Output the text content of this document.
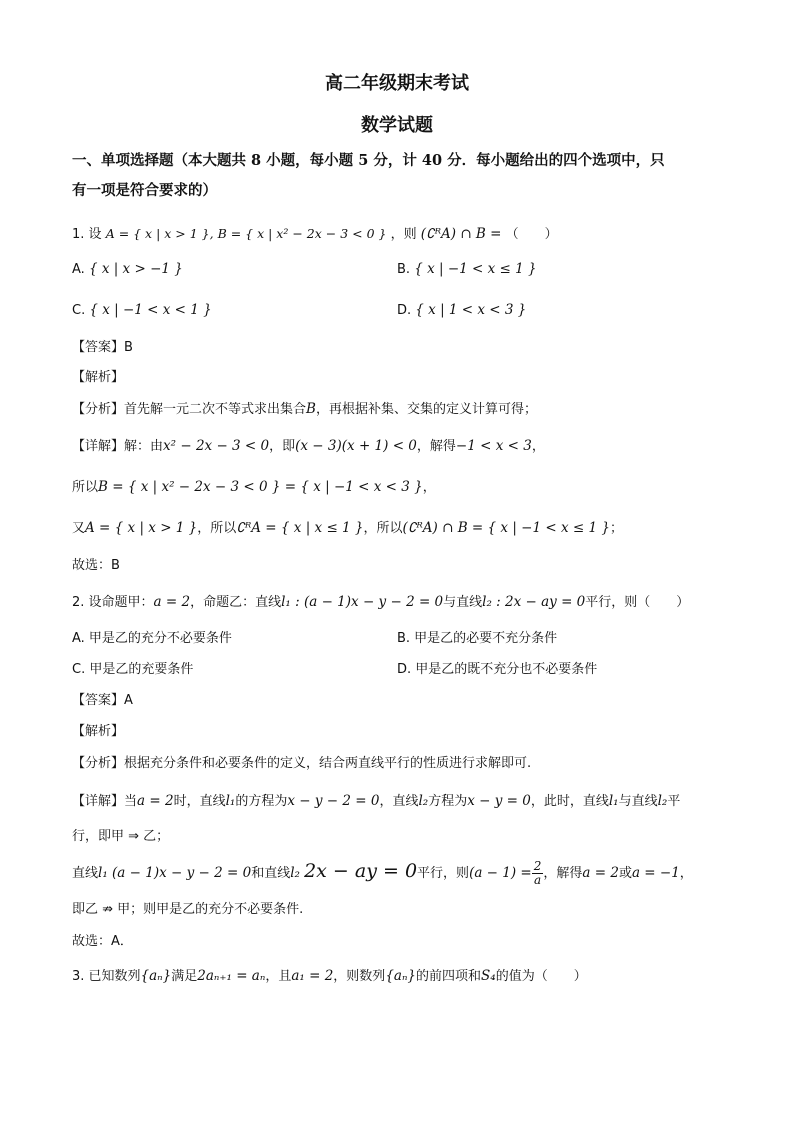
高二年级期末考试
数学试题
一、单项选择题（本大题共 8 小题，每小题 5 分，计 40 分．每小题给出的四个选项中，只
有一项是符合要求的）
1. 设 A = { x | x > 1 }, B = { x | x² − 2x − 3 < 0 } ，则 (∁ᴿA) ∩ B = （　　）
A. { x | x > −1 }	B. { x | −1 < x ≤ 1 }
C. { x | −1 < x < 1 }	D. { x | 1 < x < 3 }
【答案】B
【解析】
【分析】首先解一元二次不等式求出集合B，再根据补集、交集的定义计算可得；
【详解】解：由x² − 2x − 3 < 0，即(x − 3)(x + 1) < 0，解得−1 < x < 3，
所以B = { x | x² − 2x − 3 < 0 } = { x | −1 < x < 3 }，
又A = { x | x > 1 }，所以∁ᴿA = { x | x ≤ 1 }，所以(∁ᴿA) ∩ B = { x | −1 < x ≤ 1 }；
故选：B
2. 设命题甲：a = 2，命题乙：直线l₁ : (a − 1)x − y − 2 = 0与直线l₂ : 2x − ay = 0平行，则（　　）
A. 甲是乙的充分不必要条件	B. 甲是乙的必要不充分条件
C. 甲是乙的充要条件	D. 甲是乙的既不充分也不必要条件
【答案】A
【解析】
【分析】根据充分条件和必要条件的定义，结合两直线平行的性质进行求解即可.
【详解】当a = 2时，直线l₁的方程为x − y − 2 = 0，直线l₂方程为x − y = 0，此时，直线l₁与直线l₂平
行，即甲 ⇒ 乙；
直线l₁ (a − 1)x − y − 2 = 0和直线l₂ 2x − ay = 0平行，则$(a - 1) = \frac{2}{a}$ ，解得a = 2或a = −1，
即乙 ⇏ 甲；则甲是乙的充分不必要条件.
故选：A．
3. 已知数列{aₙ}满足2aₙ₊₁ = aₙ，且a₁ = 2，则数列{aₙ}的前四项和S₄的值为（　　）
